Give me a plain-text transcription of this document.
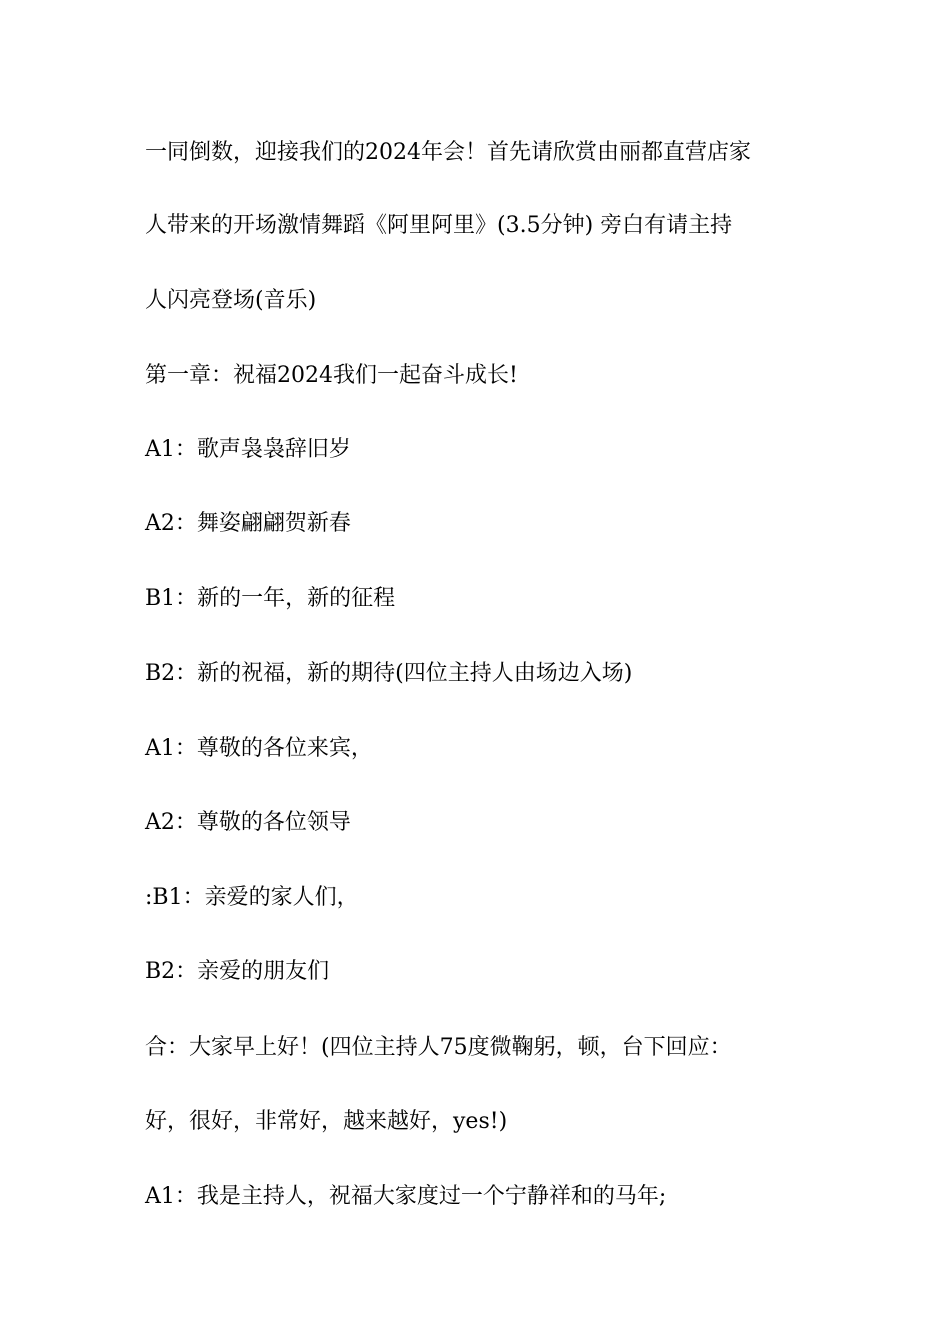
一同倒数，迎接我们的2024年会！首先请欣赏由丽都直营店家

人带来的开场激情舞蹈《阿里阿里》(3.5分钟) 旁白有请主持

人闪亮登场(音乐)

第一章：祝福2024我们一起奋斗成长!

A1：歌声袅袅辞旧岁

A2：舞姿翩翩贺新春

B1：新的一年，新的征程

B2：新的祝福，新的期待(四位主持人由场边入场)

A1：尊敬的各位来宾，

A2：尊敬的各位领导

:B1：亲爱的家人们，

B2：亲爱的朋友们

合：大家早上好！(四位主持人75度微鞠躬，顿，台下回应：

好，很好，非常好，越来越好，yes!)

A1：我是主持人，祝福大家度过一个宁静祥和的马年;
